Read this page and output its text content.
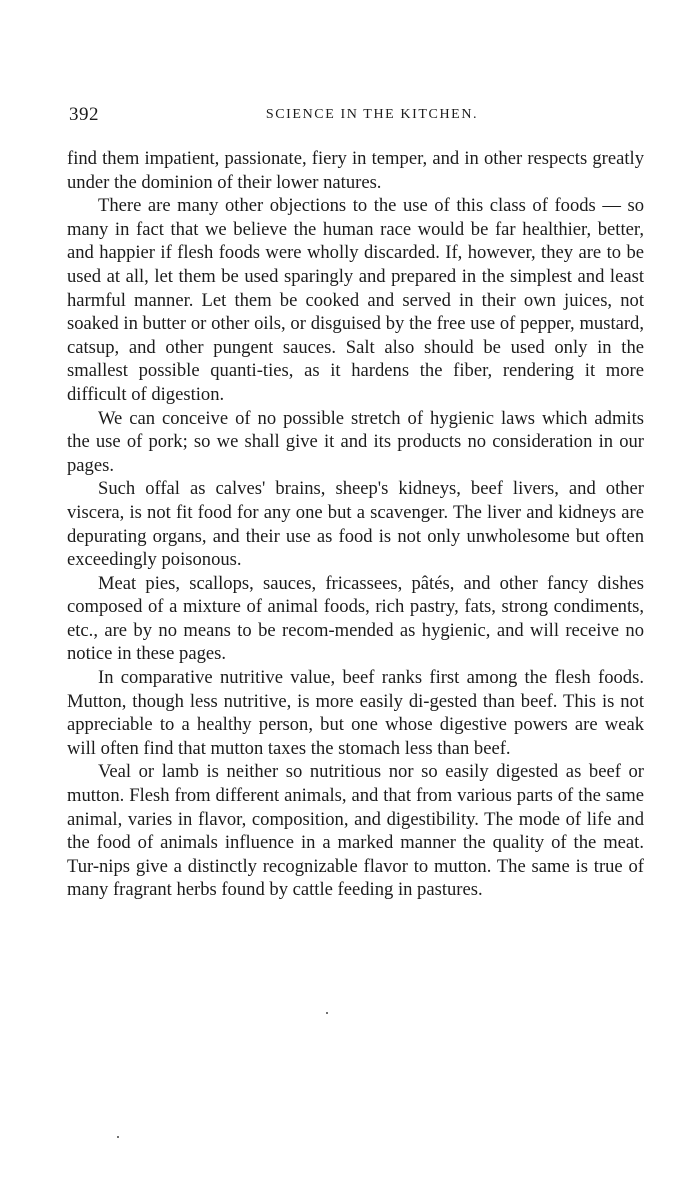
392	SCIENCE IN THE KITCHEN.

find them impatient, passionate, fiery in temper, and in other respects greatly under the dominion of their lower natures.

There are many other objections to the use of this class of foods — so many in fact that we believe the human race would be far healthier, better, and happier if flesh foods were wholly discarded. If, however, they are to be used at all, let them be used sparingly and prepared in the simplest and least harmful manner. Let them be cooked and served in their own juices, not soaked in butter or other oils, or disguised by the free use of pepper, mustard, catsup, and other pungent sauces. Salt also should be used only in the smallest possible quanti-ties, as it hardens the fiber, rendering it more difficult of digestion.

We can conceive of no possible stretch of hygienic laws which admits the use of pork; so we shall give it and its products no consideration in our pages.

Such offal as calves' brains, sheep's kidneys, beef livers, and other viscera, is not fit food for any one but a scavenger. The liver and kidneys are depurating organs, and their use as food is not only unwholesome but often exceedingly poisonous.

Meat pies, scallops, sauces, fricassees, pâtés, and other fancy dishes composed of a mixture of animal foods, rich pastry, fats, strong condiments, etc., are by no means to be recom-mended as hygienic, and will receive no notice in these pages.

In comparative nutritive value, beef ranks first among the flesh foods. Mutton, though less nutritive, is more easily di-gested than beef. This is not appreciable to a healthy person, but one whose digestive powers are weak will often find that mutton taxes the stomach less than beef.

Veal or lamb is neither so nutritious nor so easily digested as beef or mutton. Flesh from different animals, and that from various parts of the same animal, varies in flavor, composition, and digestibility. The mode of life and the food of animals influence in a marked manner the quality of the meat. Tur-nips give a distinctly recognizable flavor to mutton. The same is true of many fragrant herbs found by cattle feeding in pastures.
